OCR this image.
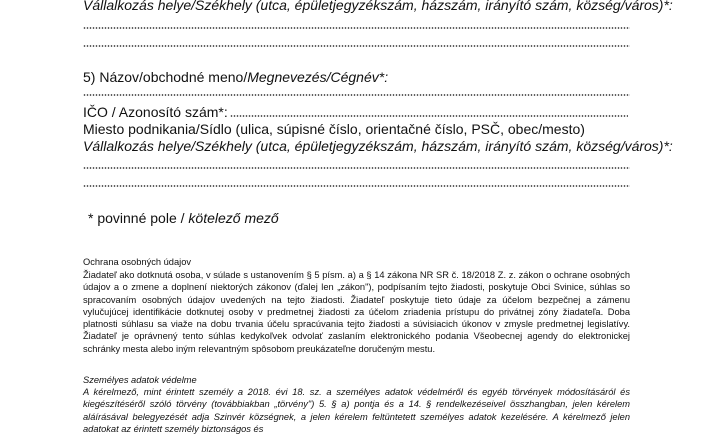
Vállalkozás helye/Székhely (utca, épületjegyzékszám, házszám, irányító szám, község/város)*:
5) Názov/obchodné meno/Megnevezés/Cégnév*:
IČO / Azonosító szám*:
Miesto podnikania/Sídlo (ulica, súpisné číslo, orientačné číslo, PSČ, obec/mesto)
Vállalkozás helye/Székhely (utca, épületjegyzékszám, házszám, irányító szám, község/város)*:
* povinné pole / kötelező mező
Ochrana osobných údajov
Žiadateľ ako dotknutá osoba, v súlade s ustanovením § 5 písm. a) a § 14 zákona NR SR č. 18/2018 Z. z. zákon o ochrane osobných údajov a o zmene a doplnení niektorých zákonov (ďalej len „zákon"), podpísaním tejto žiadosti, poskytuje Obci Svinice, súhlas so spracovaním osobných údajov uvedených na tejto žiadosti. Žiadateľ poskytuje tieto údaje za účelom bezpečnej a zámenu vylučujúcej identifikácie dotknutej osoby v predmetnej žiadosti za účelom zriadenia prístupu do privátnej zóny žiadateľa. Doba platnosti súhlasu sa viaže na dobu trvania účelu spracúvania tejto žiadosti a súvisiacich úkonov v zmysle predmetnej legislatívy. Žiadateľ je oprávnený tento súhlas kedykoľvek odvolať zaslaním elektronického podania Všeobecnej agendy do elektronickej schránky mesta alebo iným relevantným spôsobom preukázateľne doručeným mestu.
Személyes adatok védelme
A kérelmező, mint érintett személy a 2018. évi 18. sz. a személyes adatok védelméről és egyéb törvények módosításáról és kiegészítéséről szóló törvény (továbbiakban „törvény") 5. § a) pontja és a 14. § rendelkezéseivel összhangban, jelen kérelem aláírásával belegyezését adja Szinvér községnek, a jelen kérelem feltüntetett személyes adatok kezelésére. A kérelmező jelen adatokat az érintett személy biztonságos és
